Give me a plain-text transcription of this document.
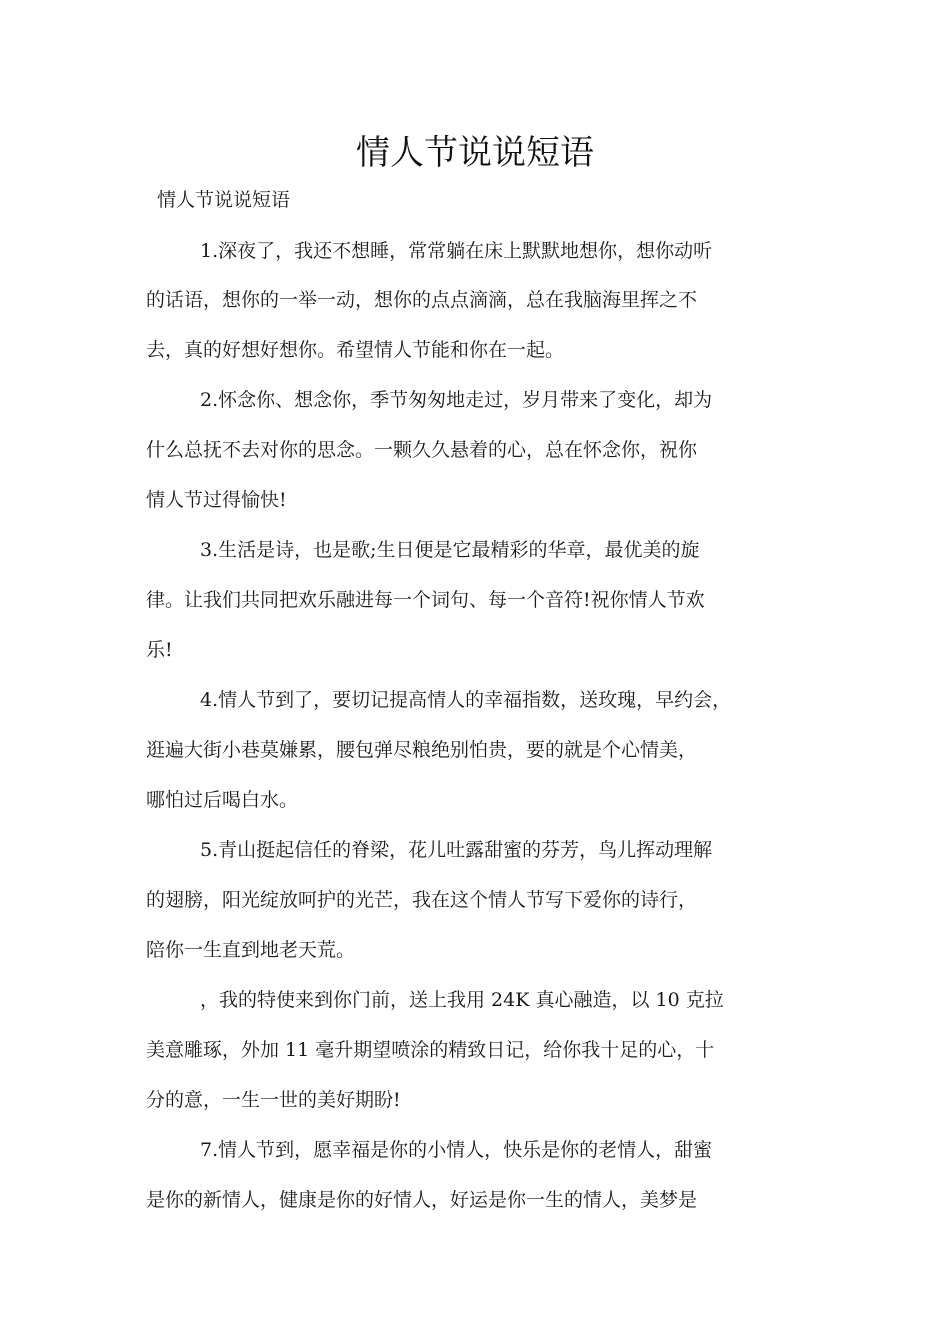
情人节说说短语

情人节说说短语

1.深夜了，我还不想睡，常常躺在床上默默地想你，想你动听

的话语，想你的一举一动，想你的点点滴滴，总在我脑海里挥之不

去，真的好想好想你。希望情人节能和你在一起。

2.怀念你、想念你，季节匆匆地走过，岁月带来了变化，却为

什么总抚不去对你的思念。一颗久久悬着的心，总在怀念你，祝你

情人节过得愉快!

3.生活是诗，也是歌;生日便是它最精彩的华章，最优美的旋

律。让我们共同把欢乐融进每一个词句、每一个音符!祝你情人节欢

乐!

4.情人节到了，要切记提高情人的幸福指数，送玫瑰，早约会，

逛遍大街小巷莫嫌累，腰包弹尽粮绝别怕贵，要的就是个心情美，

哪怕过后喝白水。

5.青山挺起信任的脊梁，花儿吐露甜蜜的芬芳，鸟儿挥动理解

的翅膀，阳光绽放呵护的光芒，我在这个情人节写下爱你的诗行，

陪你一生直到地老天荒。

，我的特使来到你门前，送上我用 24K 真心融造，以 10 克拉

美意雕琢，外加 11 毫升期望喷涂的精致日记，给你我十足的心，十

分的意，一生一世的美好期盼!

7.情人节到，愿幸福是你的小情人，快乐是你的老情人，甜蜜

是你的新情人，健康是你的好情人，好运是你一生的情人，美梦是
